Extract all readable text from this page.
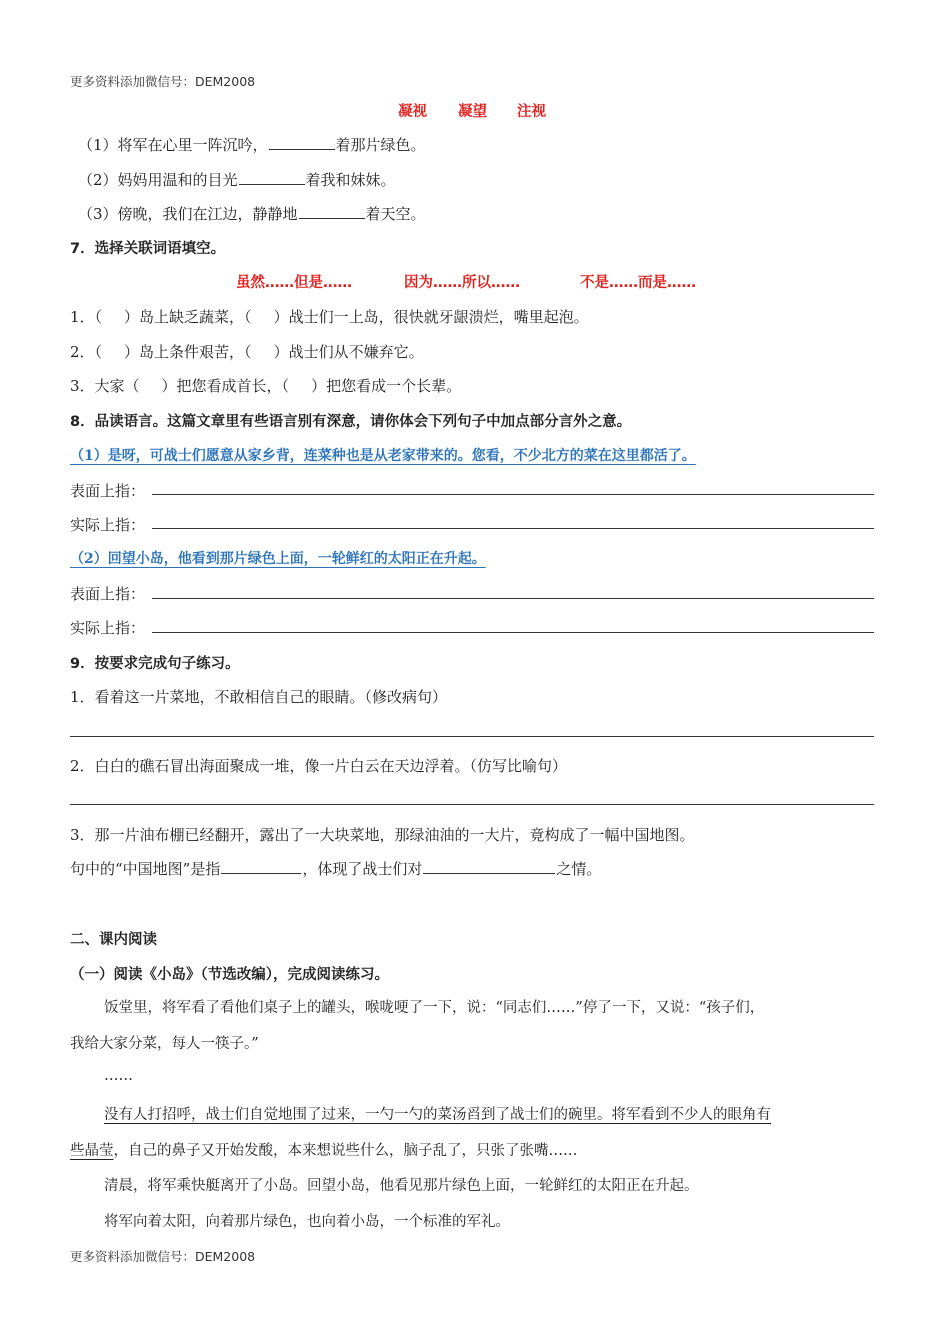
更多资料添加微信号：DEM2008
凝视 凝望 注视
（1）将军在心里一阵沉吟，	着那片绿色。
（2）妈妈用温和的目光	着我和妹妹。
（3）傍晚，我们在江边，静静地	着天空。
7．选择关联词语填空。
虽然……但是……	因为……所以……	不是……而是……
1．（ ）岛上缺乏蔬菜，（ ）战士们一上岛，很快就牙龈溃烂，嘴里起泡。
2．（ ）岛上条件艰苦，（ ）战士们从不嫌弃它。
3．大家（ ）把您看成首长，（ ）把您看成一个长辈。
8．品读语言。这篇文章里有些语言别有深意，请你体会下列句子中加点部分言外之意。
（1）是呀，可战士们愿意从家乡背，连菜种也是从老家带来的。您看，不少北方的菜在这里都活了。
表面上指：
实际上指：
（2）回望小岛，他看到那片绿色上面，一轮鲜红的太阳正在升起。
表面上指：
实际上指：
9．按要求完成句子练习。
1．看着这一片菜地，不敢相信自己的眼睛。（修改病句）
2．白白的礁石冒出海面聚成一堆，像一片白云在天边浮着。（仿写比喻句）
3．那一片油布棚已经翻开，露出了一大块菜地，那绿油油的一大片，竟构成了一幅中国地图。
句中的“中国地图”是指	，体现了战士们对	之情。
二、课内阅读
（一）阅读《小岛》（节选改编），完成阅读练习。
饭堂里，将军看了看他们桌子上的罐头，喉咙哽了一下，说：“同志们……”停了一下，又说：“孩子们，
我给大家分菜，每人一筷子。”
……
没有人打招呼，战士们自觉地围了过来，一勺一勺的菜汤舀到了战士们的碗里。将军看到不少人的眼角有
些晶莹，自己的鼻子又开始发酸，本来想说些什么，脑子乱了，只张了张嘴……
清晨，将军乘快艇离开了小岛。回望小岛，他看见那片绿色上面，一轮鲜红的太阳正在升起。
将军向着太阳，向着那片绿色，也向着小岛，一个标准的军礼。
更多资料添加微信号：DEM2008
